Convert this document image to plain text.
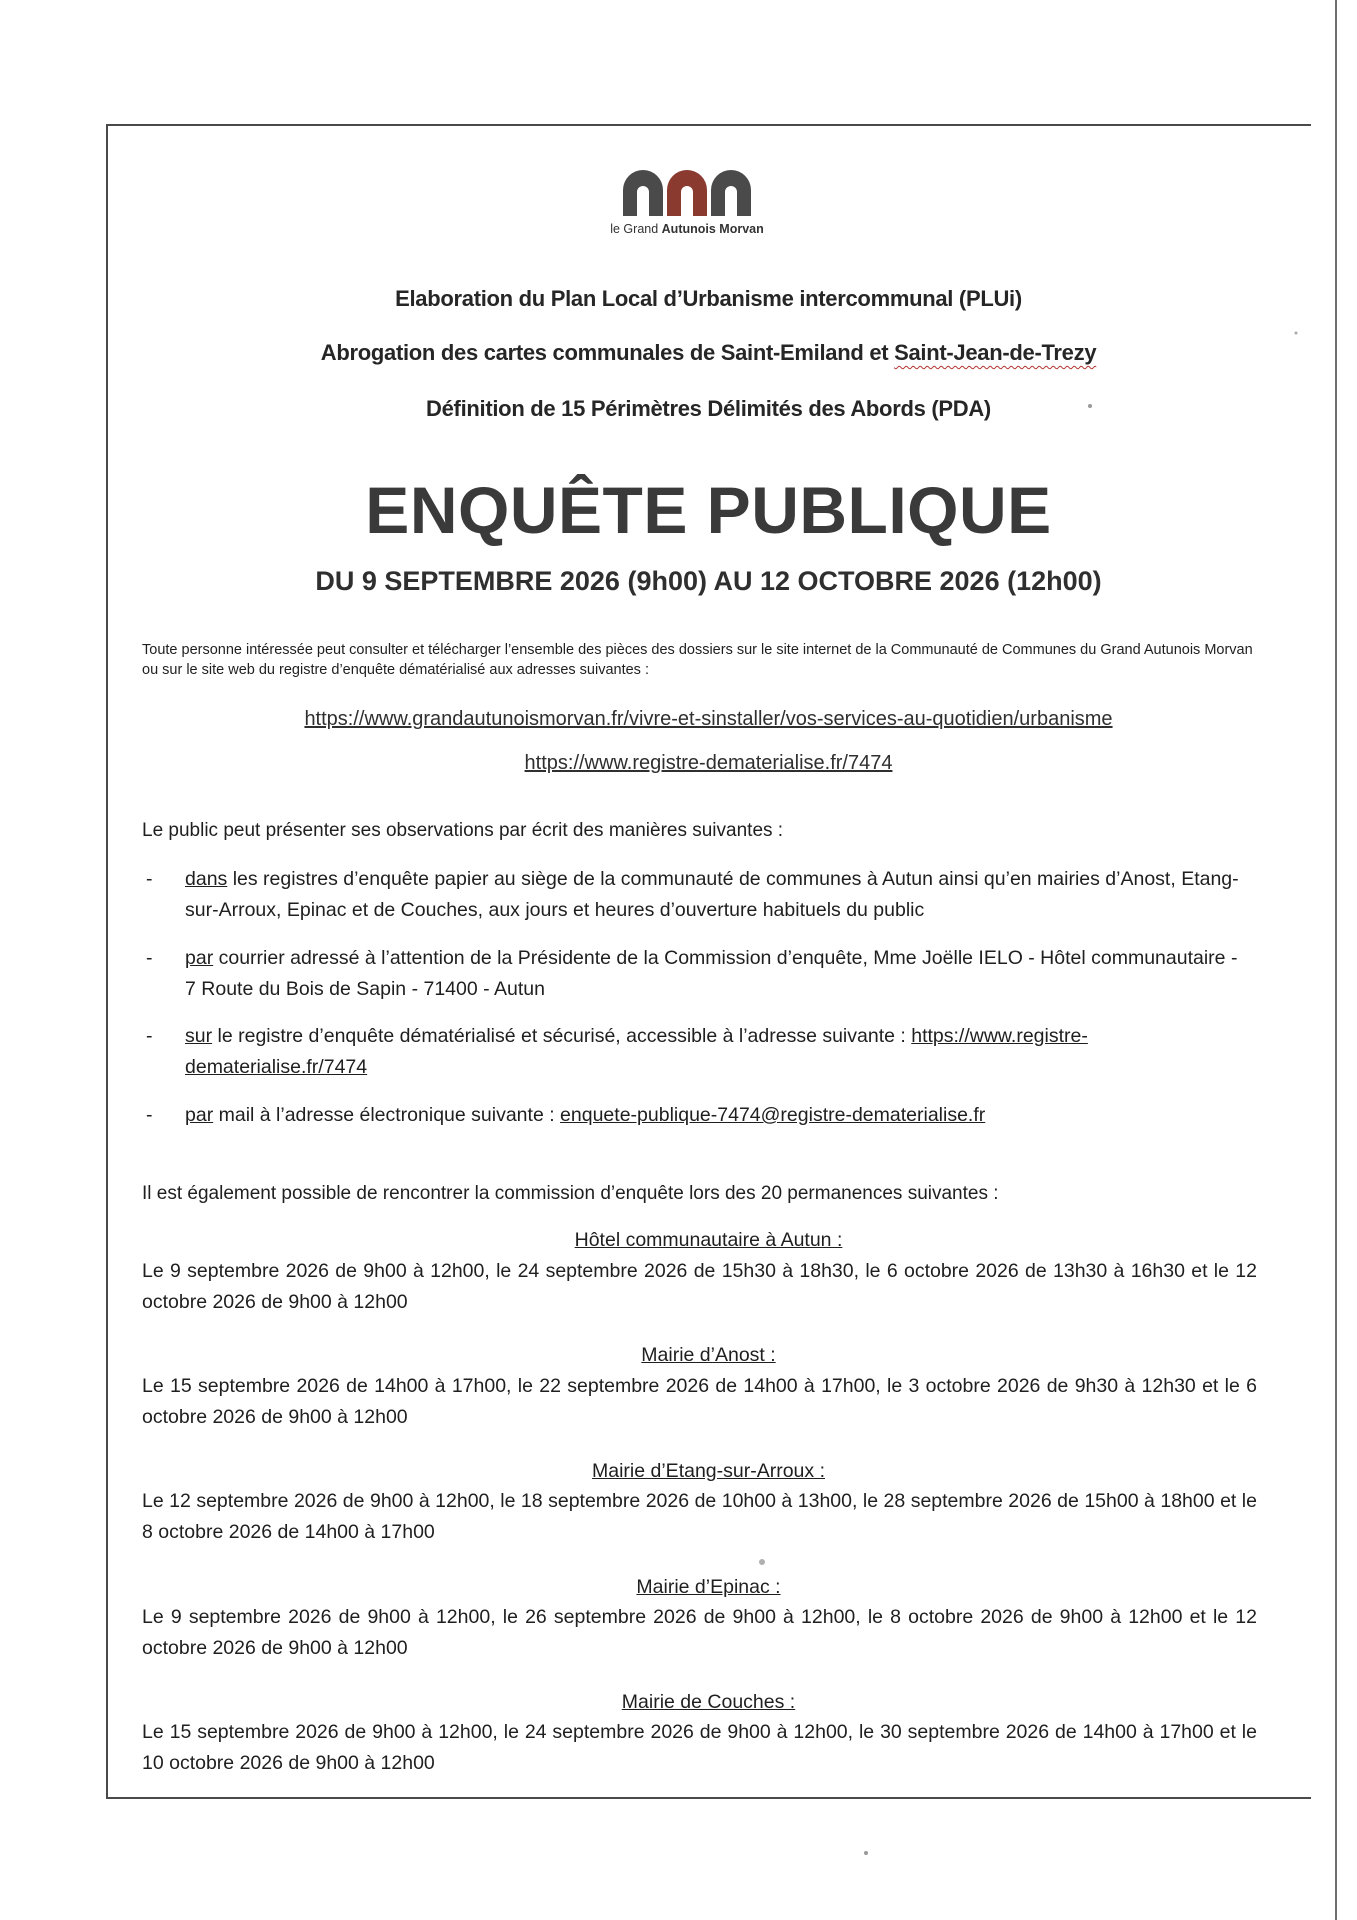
le Grand Autunois Morvan
Elaboration du Plan Local d’Urbanisme intercommunal (PLUi)
Abrogation des cartes communales de Saint-Emiland et Saint-Jean-de-Trezy
Définition de 15 Périmètres Délimités des Abords (PDA)
ENQUÊTE PUBLIQUE
DU 9 SEPTEMBRE 2026 (9h00) AU 12 OCTOBRE 2026 (12h00)
Toute personne intéressée peut consulter et télécharger l’ensemble des pièces des dossiers sur le site internet de la Communauté de Communes du Grand Autunois Morvan ou sur le site web du registre d’enquête dématérialisé aux adresses suivantes :
https://www.grandautunoismorvan.fr/vivre-et-sinstaller/vos-services-au-quotidien/urbanisme
https://www.registre-dematerialise.fr/7474
Le public peut présenter ses observations par écrit des manières suivantes :
- dans les registres d’enquête papier au siège de la communauté de communes à Autun ainsi qu’en mairies d’Anost, Etang-sur-Arroux, Epinac et de Couches, aux jours et heures d’ouverture habituels du public
- par courrier adressé à l’attention de la Présidente de la Commission d’enquête, Mme Joëlle IELO - Hôtel communautaire - 7 Route du Bois de Sapin - 71400 - Autun
- sur le registre d’enquête dématérialisé et sécurisé, accessible à l’adresse suivante : https://www.registre-dematerialise.fr/7474
- par mail à l’adresse électronique suivante : enquete-publique-7474@registre-dematerialise.fr
Il est également possible de rencontrer la commission d’enquête lors des 20 permanences suivantes :
Hôtel communautaire à Autun :
Le 9 septembre 2026 de 9h00 à 12h00, le 24 septembre 2026 de 15h30 à 18h30, le 6 octobre 2026 de 13h30 à 16h30 et le 12 octobre 2026 de 9h00 à 12h00
Mairie d’Anost :
Le 15 septembre 2026 de 14h00 à 17h00, le 22 septembre 2026 de 14h00 à 17h00, le 3 octobre 2026 de 9h30 à 12h30 et le 6 octobre 2026 de 9h00 à 12h00
Mairie d’Etang-sur-Arroux :
Le 12 septembre 2026 de 9h00 à 12h00, le 18 septembre 2026 de 10h00 à 13h00, le 28 septembre 2026 de 15h00 à 18h00 et le 8 octobre 2026 de 14h00 à 17h00
Mairie d’Epinac :
Le 9 septembre 2026 de 9h00 à 12h00, le 26 septembre 2026 de 9h00 à 12h00, le 8 octobre 2026 de 9h00 à 12h00 et le 12 octobre 2026 de 9h00 à 12h00
Mairie de Couches :
Le 15 septembre 2026 de 9h00 à 12h00, le 24 septembre 2026 de 9h00 à 12h00, le 30 septembre 2026 de 14h00 à 17h00 et le 10 octobre 2026 de 9h00 à 12h00
